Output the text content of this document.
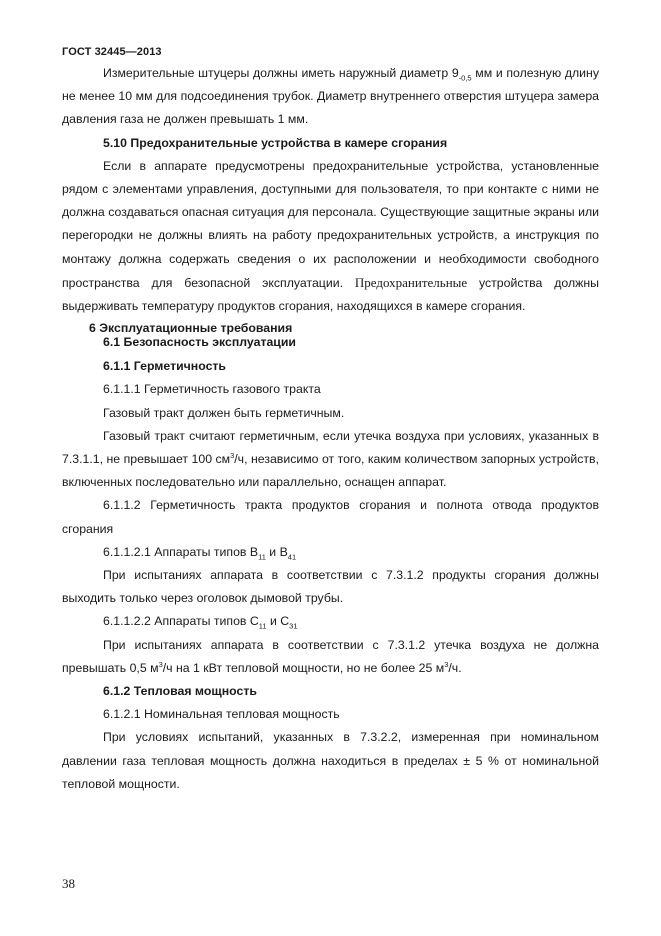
ГОСТ 32445—2013

Измерительные штуцеры должны иметь наружный диаметр $9_{-0,5}$ мм и полезную длину не менее 10 мм для подсоединения трубок. Диаметр внутреннего отверстия штуцера замера давления газа не должен превышать 1 мм.

5.10 Предохранительные устройства в камере сгорания

Если в аппарате предусмотрены предохранительные устройства, установленные рядом с элементами управления, доступными для пользователя, то при контакте с ними не должна создаваться опасная ситуация для персонала. Существующие защитные экраны или перегородки не должны влиять на работу предохранительных устройств, а инструкция по монтажу должна содержать сведения о их расположении и необходимости свободного пространства для безопасной эксплуатации. Предохранительные устройства должны выдерживать температуру продуктов сгорания, находящихся в камере сгорания.

6 Эксплуатационные требования

6.1 Безопасность эксплуатации

6.1.1 Герметичность

6.1.1.1 Герметичность газового тракта

Газовый тракт должен быть герметичным.

Газовый тракт считают герметичным, если утечка воздуха при условиях, указанных в 7.3.1.1, не превышает 100 $см^3/ч$, независимо от того, каким количеством запорных устройств, включенных последовательно или параллельно, оснащен аппарат.

6.1.1.2 Герметичность тракта продуктов сгорания и полнота отвода продуктов сгорания

6.1.1.2.1 Аппараты типов $B_{11}$ и $B_{41}$

При испытаниях аппарата в соответствии с 7.3.1.2 продукты сгорания должны выходить только через оголовок дымовой трубы.

6.1.1.2.2 Аппараты типов $C_{11}$ и $C_{31}$

При испытаниях аппарата в соответствии с 7.3.1.2 утечка воздуха не должна превышать 0,5 $м^3/ч$ на 1 кВт тепловой мощности, но не более 25 $м^3/ч$.

6.1.2 Тепловая мощность

6.1.2.1 Номинальная тепловая мощность

При условиях испытаний, указанных в 7.3.2.2, измеренная при номинальном давлении газа тепловая мощность должна находиться в пределах ± 5 % от номинальной тепловой мощности.

38
